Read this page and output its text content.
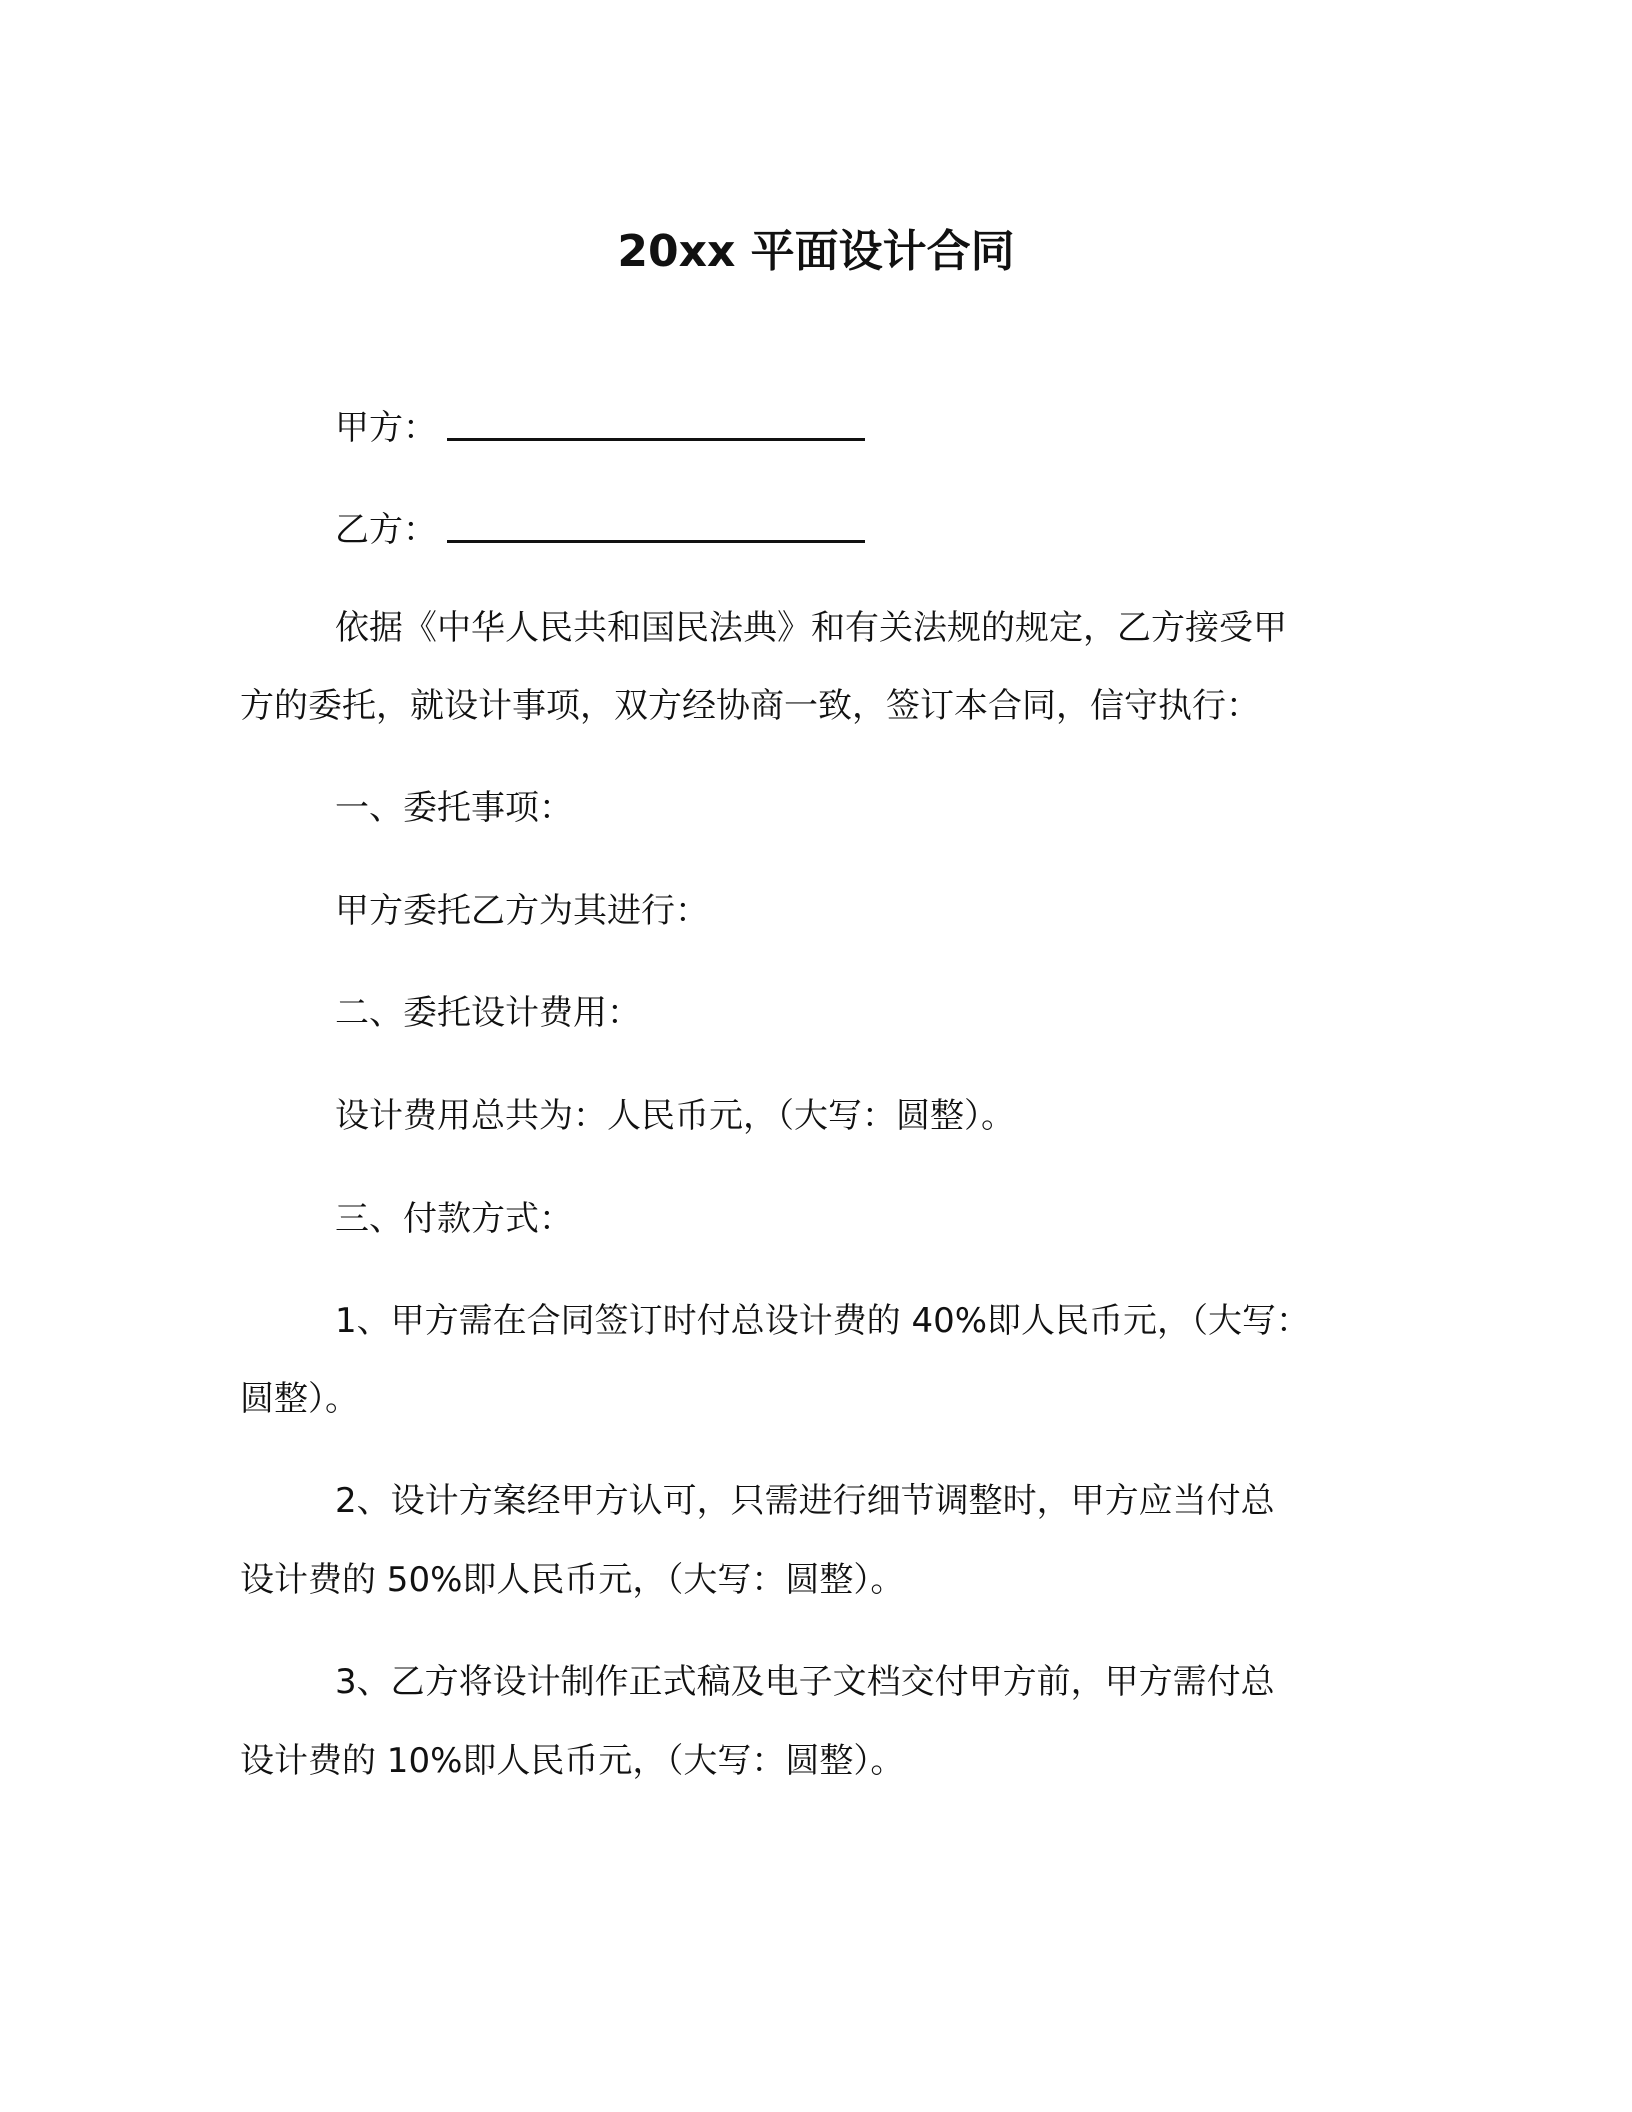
20xx 平面设计合同
甲方：
乙方：
依据《中华人民共和国民法典》和有关法规的规定，乙方接受甲
方的委托，就设计事项，双方经协商一致，签订本合同，信守执行：
一、委托事项：
甲方委托乙方为其进行：
二、委托设计费用：
设计费用总共为：人民币元，（大写：圆整）。
三、付款方式：
1、甲方需在合同签订时付总设计费的 40%即人民币元，（大写：
圆整）。
2、设计方案经甲方认可，只需进行细节调整时，甲方应当付总
设计费的 50%即人民币元，（大写：圆整）。
3、乙方将设计制作正式稿及电子文档交付甲方前，甲方需付总
设计费的 10%即人民币元，（大写：圆整）。
